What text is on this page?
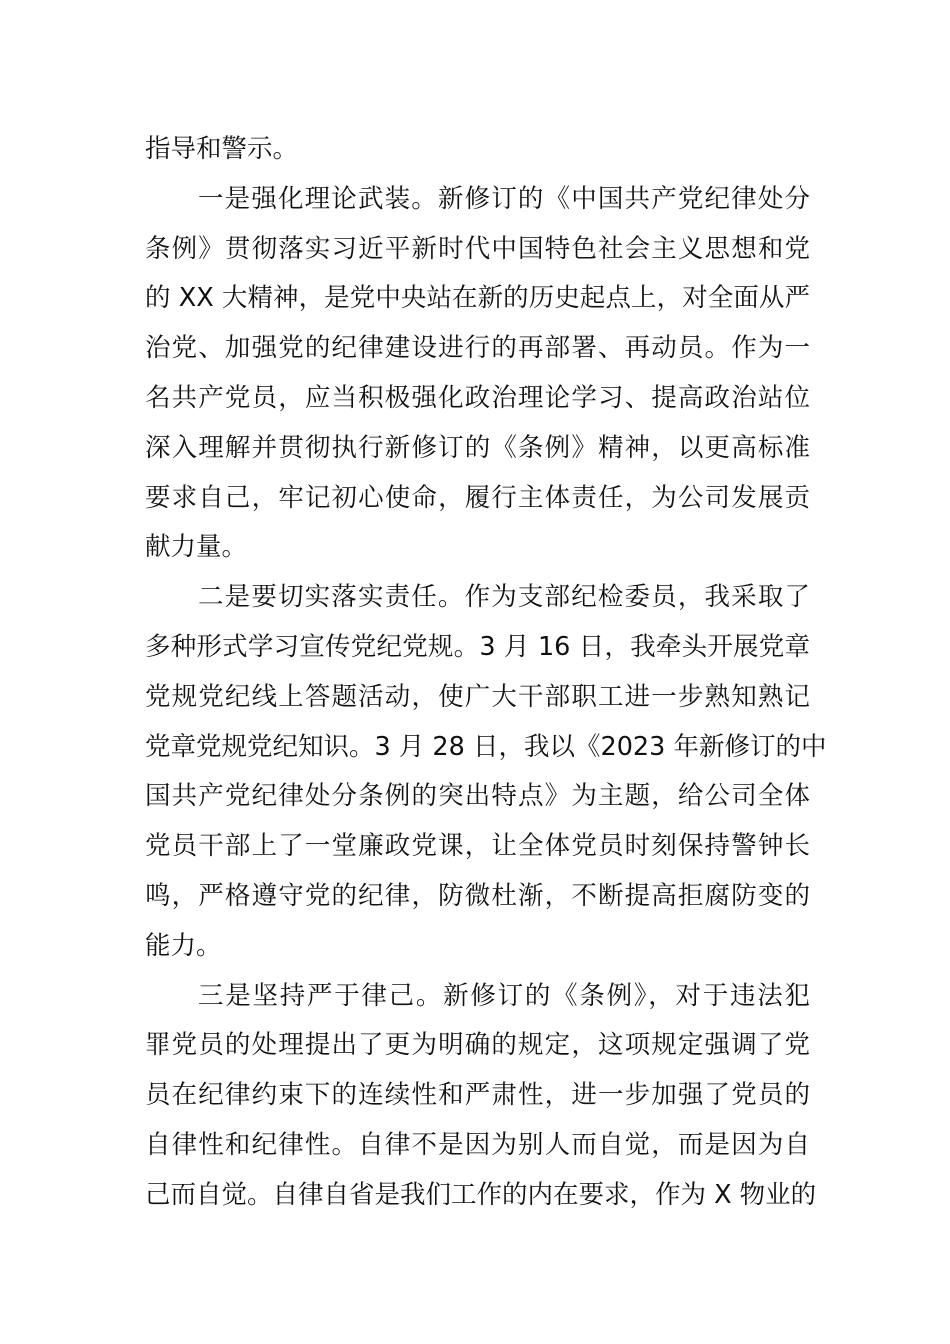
指导和警示。
一是强化理论武装。新修订的《中国共产党纪律处分
条例》贯彻落实习近平新时代中国特色社会主义思想和党
的 XX 大精神，是党中央站在新的历史起点上，对全面从严
治党、加强党的纪律建设进行的再部署、再动员。作为一
名共产党员，应当积极强化政治理论学习、提高政治站位
深入理解并贯彻执行新修订的《条例》精神，以更高标准
要求自己，牢记初心使命，履行主体责任，为公司发展贡
献力量。
二是要切实落实责任。作为支部纪检委员，我采取了
多种形式学习宣传党纪党规。3 月 16 日，我牵头开展党章
党规党纪线上答题活动，使广大干部职工进一步熟知熟记
党章党规党纪知识。3 月 28 日，我以《2023 年新修订的中
国共产党纪律处分条例的突出特点》为主题，给公司全体
党员干部上了一堂廉政党课，让全体党员时刻保持警钟长
鸣，严格遵守党的纪律，防微杜渐，不断提高拒腐防变的
能力。
三是坚持严于律己。新修订的《条例》，对于违法犯
罪党员的处理提出了更为明确的规定，这项规定强调了党
员在纪律约束下的连续性和严肃性，进一步加强了党员的
自律性和纪律性。自律不是因为别人而自觉，而是因为自
己而自觉。自律自省是我们工作的内在要求，作为 X 物业的
